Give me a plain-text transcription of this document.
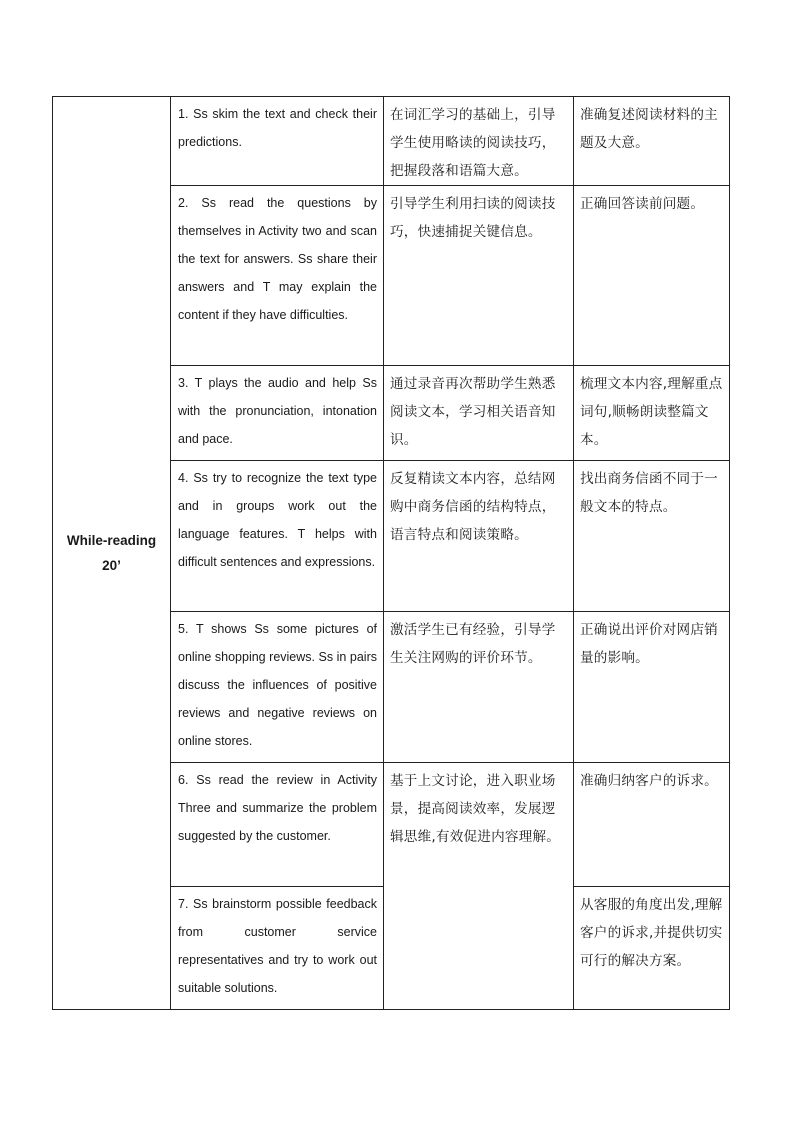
While-reading
20’	1. Ss skim the text and check their predictions.	在词汇学习的基础上，引导学生使用略读的阅读技巧，把握段落和语篇大意。	准确复述阅读材料的主题及大意。
	2. Ss read the questions by themselves in Activity two and scan the text for answers. Ss share their answers and T may explain the content if they have difficulties.	引导学生利用扫读的阅读技巧，快速捕捉关键信息。	正确回答读前问题。
	3. T plays the audio and help Ss with the pronunciation, intonation and pace.	通过录音再次帮助学生熟悉阅读文本，学习相关语音知识。	梳理文本内容,理解重点词句,顺畅朗读整篇文本。
	4. Ss try to recognize the text type and in groups work out the language features. T helps with difficult sentences and expressions.	反复精读文本内容，总结网购中商务信函的结构特点，语言特点和阅读策略。	找出商务信函不同于一般文本的特点。
	5. T shows Ss some pictures of online shopping reviews. Ss in pairs discuss the influences of positive reviews and negative reviews on online stores.	激活学生已有经验，引导学生关注网购的评价环节。	正确说出评价对网店销量的影响。
	6. Ss read the review in Activity Three and summarize the problem suggested by the customer.	基于上文讨论，进入职业场景，提高阅读效率，发展逻辑思维,有效促进内容理解。	准确归纳客户的诉求。
	7. Ss brainstorm possible feedback from customer service representatives and try to work out suitable solutions.		从客服的角度出发,理解客户的诉求,并提供切实可行的解决方案。
